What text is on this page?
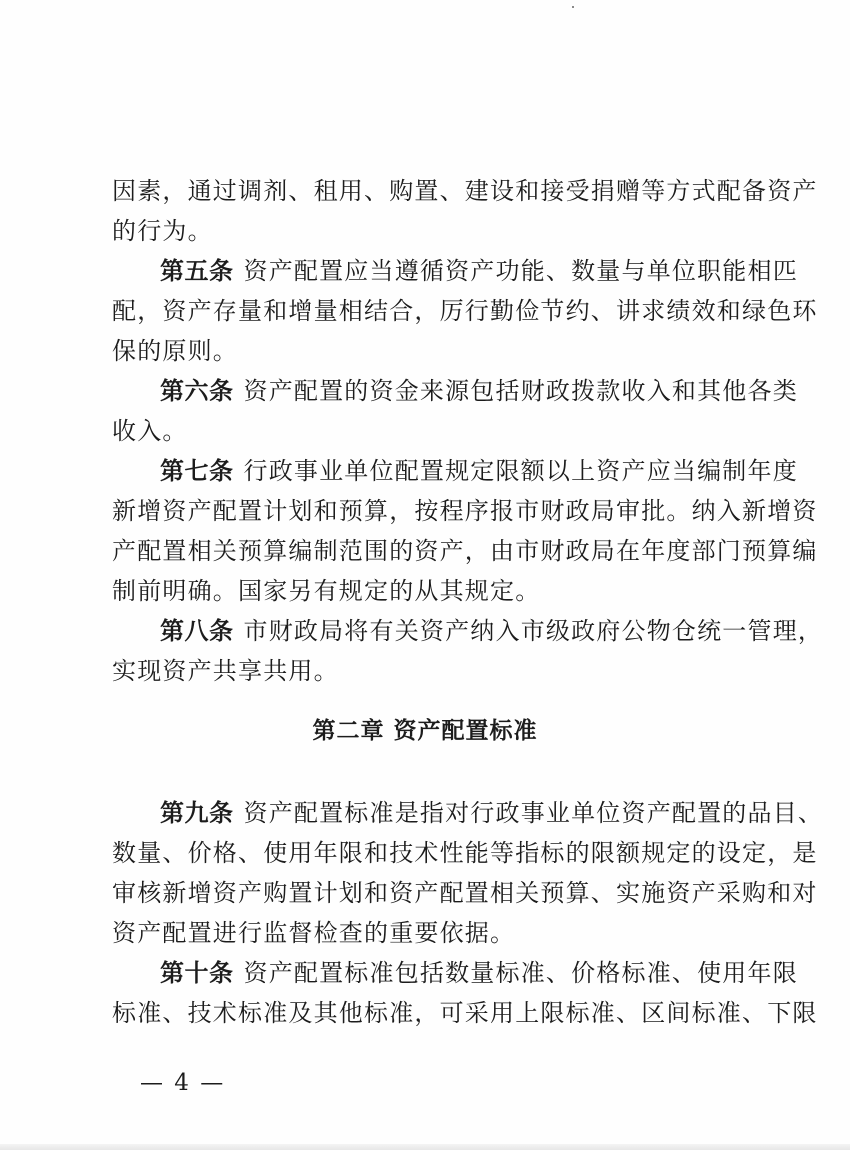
因素，通过调剂、租用、购置、建设和接受捐赠等方式配备资产
的行为。
第五条 资产配置应当遵循资产功能、数量与单位职能相匹
配，资产存量和增量相结合，厉行勤俭节约、讲求绩效和绿色环
保的原则。
第六条 资产配置的资金来源包括财政拨款收入和其他各类
收入。
第七条 行政事业单位配置规定限额以上资产应当编制年度
新增资产配置计划和预算，按程序报市财政局审批。纳入新增资
产配置相关预算编制范围的资产，由市财政局在年度部门预算编
制前明确。国家另有规定的从其规定。
第八条 市财政局将有关资产纳入市级政府公物仓统一管理，
实现资产共享共用。
第二章 资产配置标准
第九条 资产配置标准是指对行政事业单位资产配置的品目、
数量、价格、使用年限和技术性能等指标的限额规定的设定，是
审核新增资产购置计划和资产配置相关预算、实施资产采购和对
资产配置进行监督检查的重要依据。
第十条 资产配置标准包括数量标准、价格标准、使用年限
标准、技术标准及其他标准，可采用上限标准、区间标准、下限
— 4 —
